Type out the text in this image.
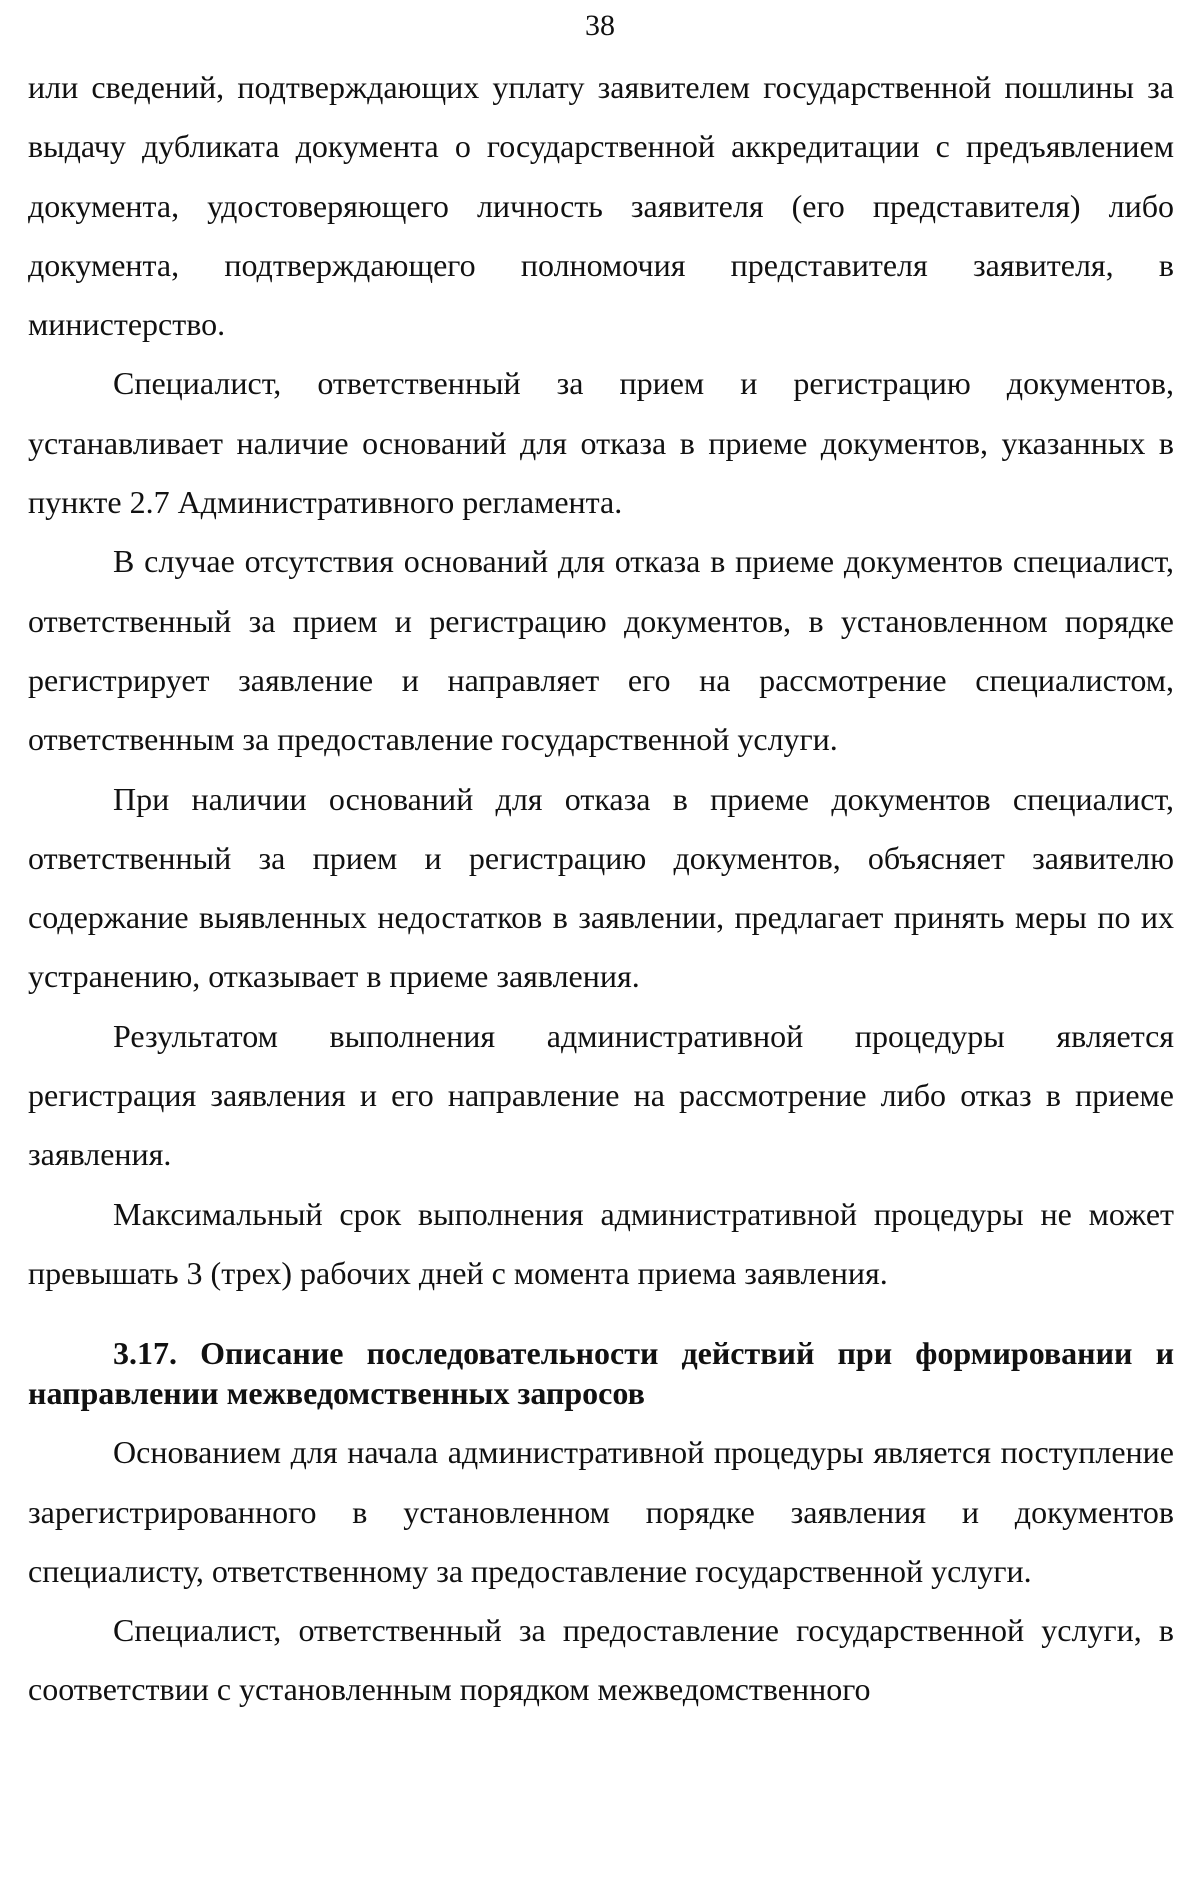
38

или сведений, подтверждающих уплату заявителем государственной пошлины за выдачу дубликата документа о государственной аккредитации с предъявлением документа, удостоверяющего личность заявителя (его представителя) либо документа, подтверждающего полномочия представителя заявителя, в министерство.

Специалист, ответственный за прием и регистрацию документов, устанавливает наличие оснований для отказа в приеме документов, указанных в пункте 2.7 Административного регламента.

В случае отсутствия оснований для отказа в приеме документов специалист, ответственный за прием и регистрацию документов, в установленном порядке регистрирует заявление и направляет его на рассмотрение специалистом, ответственным за предоставление государственной услуги.

При наличии оснований для отказа в приеме документов специалист, ответственный за прием и регистрацию документов, объясняет заявителю содержание выявленных недостатков в заявлении, предлагает принять меры по их устранению, отказывает в приеме заявления.

Результатом выполнения административной процедуры является регистрация заявления и его направление на рассмотрение либо отказ в приеме заявления.

Максимальный срок выполнения административной процедуры не может превышать 3 (трех) рабочих дней с момента приема заявления.

3.17. Описание последовательности действий при формировании и направлении межведомственных запросов

Основанием для начала административной процедуры является поступление зарегистрированного в установленном порядке заявления и документов специалисту, ответственному за предоставление государственной услуги.

Специалист, ответственный за предоставление государственной услуги, в соответствии с установленным порядком межведомственного
